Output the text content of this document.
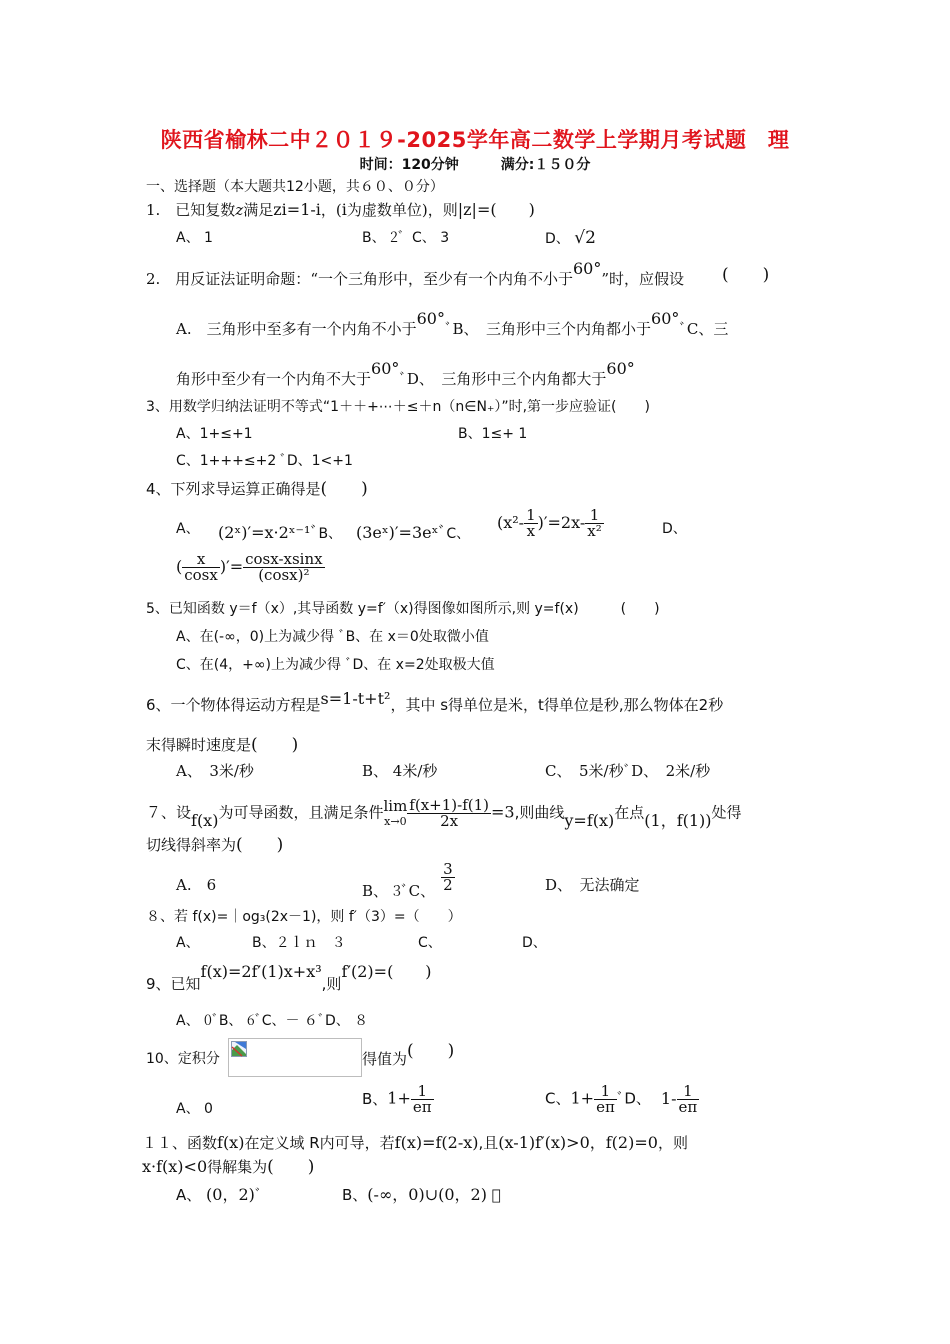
陕西省榆林二中２０１９-2025学年高二数学上学期月考试题　理
时间：120分钟　　　满分:１５０分
一、选择题（本大题共12小题，共６０、０分）
1.　已知复数z满足zi=1-i，(i为虚数单位)，则|z|=(　　)
A、 1	B、 2 C、 3	D、 √2
2.　用反证法证明命题：“一个三角形中，至少有一个内角不小于$^{60^\circ}$”时，应假设 (　　)
A.　三角形中至多有一个内角不小于$^{60^\circ}$ﾞB、　三角形中三个内角都小于$^{60^\circ}$ﾞC、三
角形中至少有一个内角不大于$^{60^\circ}$ﾞD、　三角形中三个内角都大于$^{60^\circ}$
3、用数学归纳法证明不等式“1＋＋+⋯＋≤＋n（n∈N₊）”时,第一步应验证(　　)
A、1+≤+1	B、1≤+ 1
C、1+++≤+2 D、1<+1
4、下列求导运算正确得是(　　)
A、 (2ˣ)′=x·2ˣ⁻¹ﾞB、 (3eˣ)′=3eˣﾞC、
$(x^2- \frac{1}{x} )'=2x- \frac{1}{\text{x²}}$	D、
( $\frac{x}{\cos x}$ )′= $\frac{\cos x-xsinx}{\text{(cosx)²}}$
5、已知函数 y＝f（x）,其导函数 y=f′（x)得图像如图所示,则 y=f(x)　　　(　　)
A、在(-∞，0)上为减少得 ﾞB、在 x＝0处取微小值
C、在(4，+∞)上为减少得 ﾞD、在 x=2处取极大值
6、一个物体得运动方程是s=1-t+t²，其中 s得单位是米，t得单位是秒,那么物体在2秒
末得瞬时速度是(　　)
A、　3米/秒	B、 4米/秒	C、　5米/秒ﾞD、　2米/秒
７、设f(x)为可导函数，且满足条件 lim
$x\to 0 \frac{f(x+1)-f(1)}{2x} =3$,则曲线y=f(x)在点(1，f(1))处得
切线得斜率为(　　)
A.　6	B、 3C、 $\frac{3}{2}$	D、　无法确定
８、若 f(x)=｜og₃(2x－1)，则 f′（3）=（　　）
A、	B、２ｌｎ　３	C、	D、
9、已知f(x)=2f′(1)x+x³,则f′(2)=(　　)
A、 0B、 6C、－ ６D、 ８
10、定积分	得值为(　　)
A、 0
B、$1+ \frac{1}{e\pi}$	C、$1+ \frac{1}{e\pi}$ ﾞD、 $1- \frac{1}{e\pi}$
１１、函数f(x)在定义域 R内可导，若f(x)=f(2-x),且(x-1)f′(x)>0，f(2)=0，则
x·f(x)<0得解集为(　　)
A、 (0，2)ﾞ	B、(-∞，0)∪(0，2)
